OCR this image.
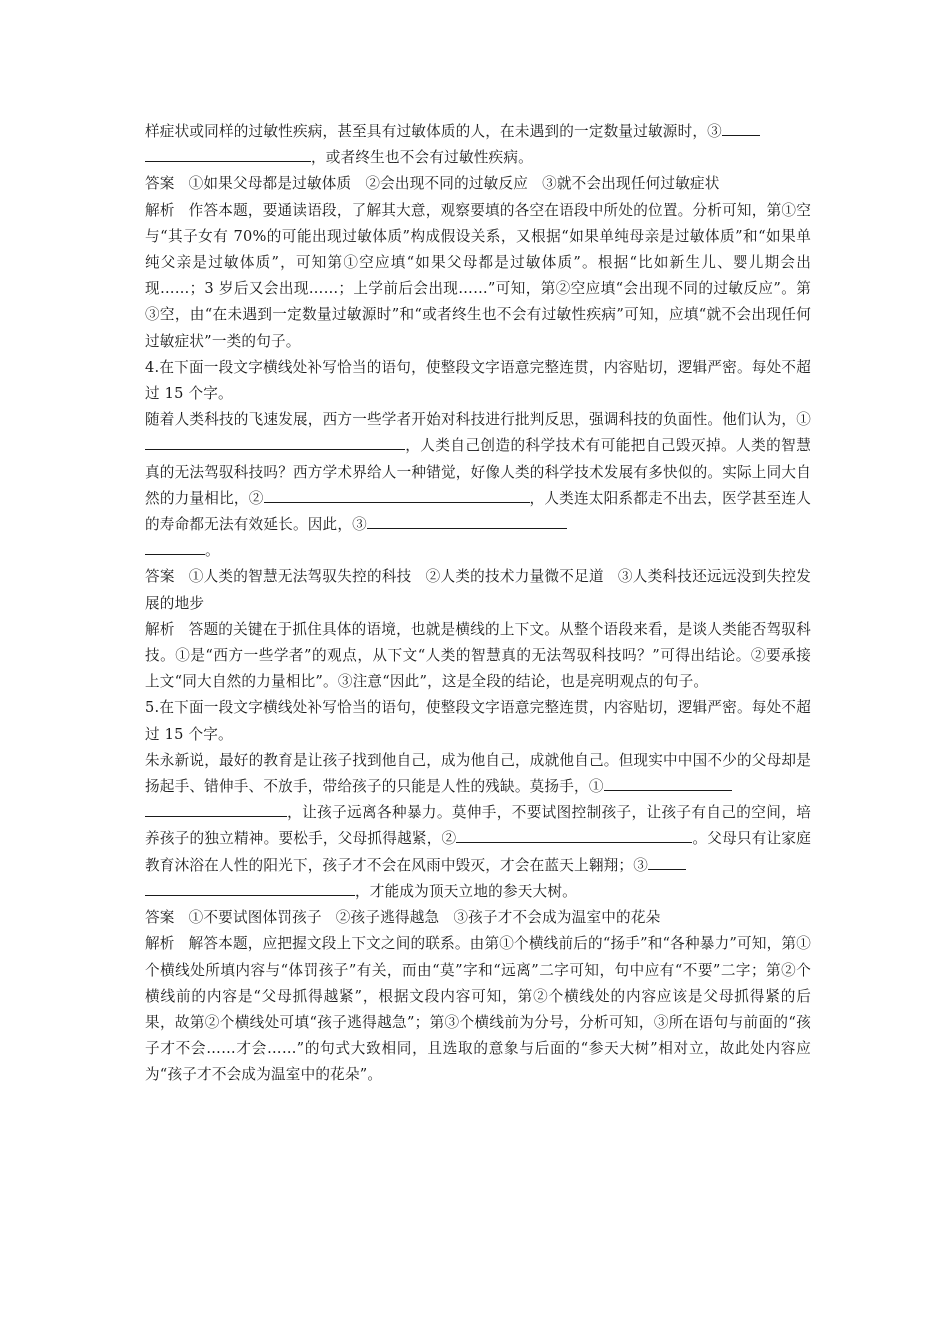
样症状或同样的过敏性疾病，甚至具有过敏体质的人，在未遇到的一定数量过敏源时，③
，或者终生也不会有过敏性疾病。

答案 ①如果父母都是过敏体质 ②会出现不同的过敏反应 ③就不会出现任何过敏症状

解析 作答本题，要通读语段，了解其大意，观察要填的各空在语段中所处的位置。分析可知，第①空与“其子女有 70%的可能出现过敏体质”构成假设关系，又根据“如果单纯母亲是过敏体质”和“如果单纯父亲是过敏体质”，可知第①空应填“如果父母都是过敏体质”。根据“比如新生儿、婴儿期会出现……；3 岁后又会出现……；上学前后会出现……”可知，第②空应填“会出现不同的过敏反应”。第③空，由“在未遇到一定数量过敏源时”和“或者终生也不会有过敏性疾病”可知，应填“就不会出现任何过敏症状”一类的句子。

4.在下面一段文字横线处补写恰当的语句，使整段文字语意完整连贯，内容贴切，逻辑严密。每处不超过 15 个字。

随着人类科技的飞速发展，西方一些学者开始对科技进行批判反思，强调科技的负面性。他们认为，①，人类自己创造的科学技术有可能把自己毁灭掉。人类的智慧真的无法驾驭科技吗？西方学术界给人一种错觉，好像人类的科学技术发展有多快似的。实际上同大自然的力量相比，②	，人类连太阳系都走不出去，医学甚至连人的寿命都无法有效延长。因此，③
。

答案 ①人类的智慧无法驾驭失控的科技 ②人类的技术力量微不足道 ③人类科技还远远没到失控发展的地步

解析 答题的关键在于抓住具体的语境，也就是横线的上下文。从整个语段来看，是谈人类能否驾驭科技。①是“西方一些学者”的观点，从下文“人类的智慧真的无法驾驭科技吗？”可得出结论。②要承接上文“同大自然的力量相比”。③注意“因此”，这是全段的结论，也是亮明观点的句子。

5.在下面一段文字横线处补写恰当的语句，使整段文字语意完整连贯，内容贴切，逻辑严密。每处不超过 15 个字。

朱永新说，最好的教育是让孩子找到他自己，成为他自己，成就他自己。但现实中中国不少的父母却是扬起手、错伸手、不放手，带给孩子的只能是人性的残缺。莫扬手，①
，让孩子远离各种暴力。莫伸手，不要试图控制孩子，让孩子有自己的空间，培养孩子的独立精神。要松手，父母抓得越紧，②	。父母只有让家庭教育沐浴在人性的阳光下，孩子才不会在风雨中毁灭，才会在蓝天上翱翔；③
，才能成为顶天立地的参天大树。

答案 ①不要试图体罚孩子 ②孩子逃得越急 ③孩子才不会成为温室中的花朵

解析 解答本题，应把握文段上下文之间的联系。由第①个横线前后的“扬手”和“各种暴力”可知，第①个横线处所填内容与“体罚孩子”有关，而由“莫”字和“远离”二字可知，句中应有“不要”二字；第②个横线前的内容是“父母抓得越紧”，根据文段内容可知，第②个横线处的内容应该是父母抓得紧的后果，故第②个横线处可填“孩子逃得越急”；第③个横线前为分号，分析可知，③所在语句与前面的“孩子才不会……才会……”的句式大致相同，且选取的意象与后面的“参天大树”相对立，故此处内容应为“孩子才不会成为温室中的花朵”。
